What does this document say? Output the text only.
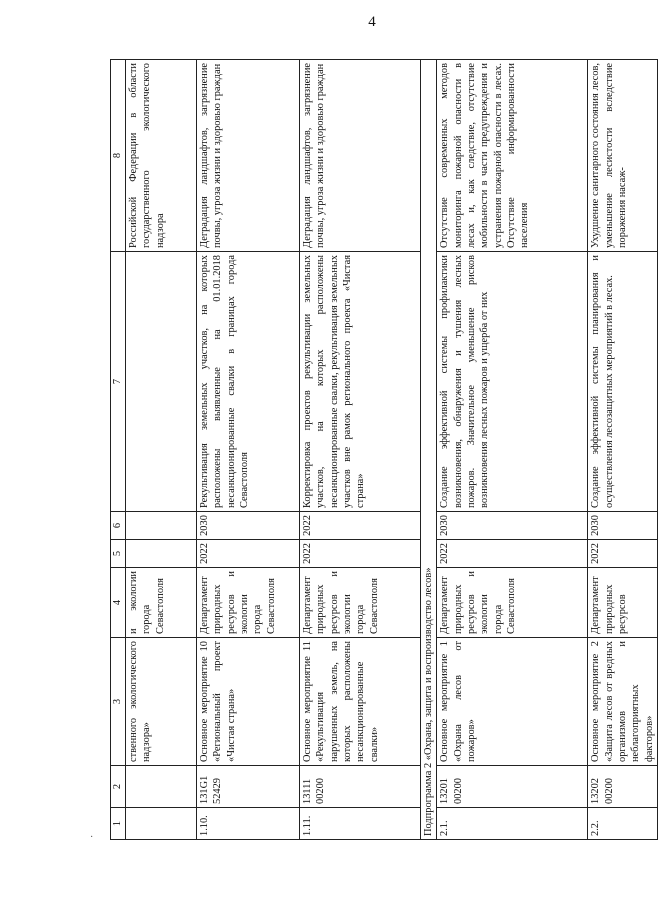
4
·
1	2	3	4	5	6	7	8
		ственного экологического надзора»	и экологии города Севастополя				Российской Федерации в области государственного экологического надзора
1.10.	131G1 52429	Основное мероприятие 10 «Региональный проект «Чистая страна»	Департамент природных ресурсов и экологии города Севастополя	2022	2030	Рекультивация земельных участков, на которых расположены выявленные на 01.01.2018 несанкционированные свалки в границах города Севастополя	Деградация ландшафтов, загрязнение почвы, угроза жизни и здоровью граждан
1.11.	13111 00200	Основное мероприятие 11 «Рекультивация нарушенных земель, на которых расположены несанкционированные свалки»	Департамент природных ресурсов и экологии города Севастополя	2022	2022	Корректировка проектов рекультивации земельных участков, на которых расположены несанкционированные свалки, рекультивация земельных участков вне рамок регионального проекта «Чистая страна»	Деградация ландшафтов, загрязнение почвы, угроза жизни и здоровью граждан
Подпрограмма 2 «Охрана, защита и воспроизводство лесов»							
2.1.	13201 00200	Основное мероприятие 1 «Охрана лесов от пожаров»	Департамент природных ресурсов и экологии города Севастополя	2022	2030	Создание эффективной системы профилактики возникновения, обнаружения и тушения лесных пожаров. Значительное уменьшение рисков возникновения лесных пожаров и ущерба от них	Отсутствие современных методов мониторинга пожарной опасности в лесах и, как следствие, отсутствие мобильности в части предупреждения и устранения пожарной опасности в лесах. Отсутствие информированности населения
2.2.	13202 00200	Основное мероприятие 2 «Защита лесов от вредных организмов и неблагоприятных факторов»	Департамент природных ресурсов	2022	2030	Создание эффективной системы планирования и осуществления лесозащитных мероприятий в лесах.	Ухудшение санитарного состояния лесов, уменьшение лесистости вследствие поражения насаж-
